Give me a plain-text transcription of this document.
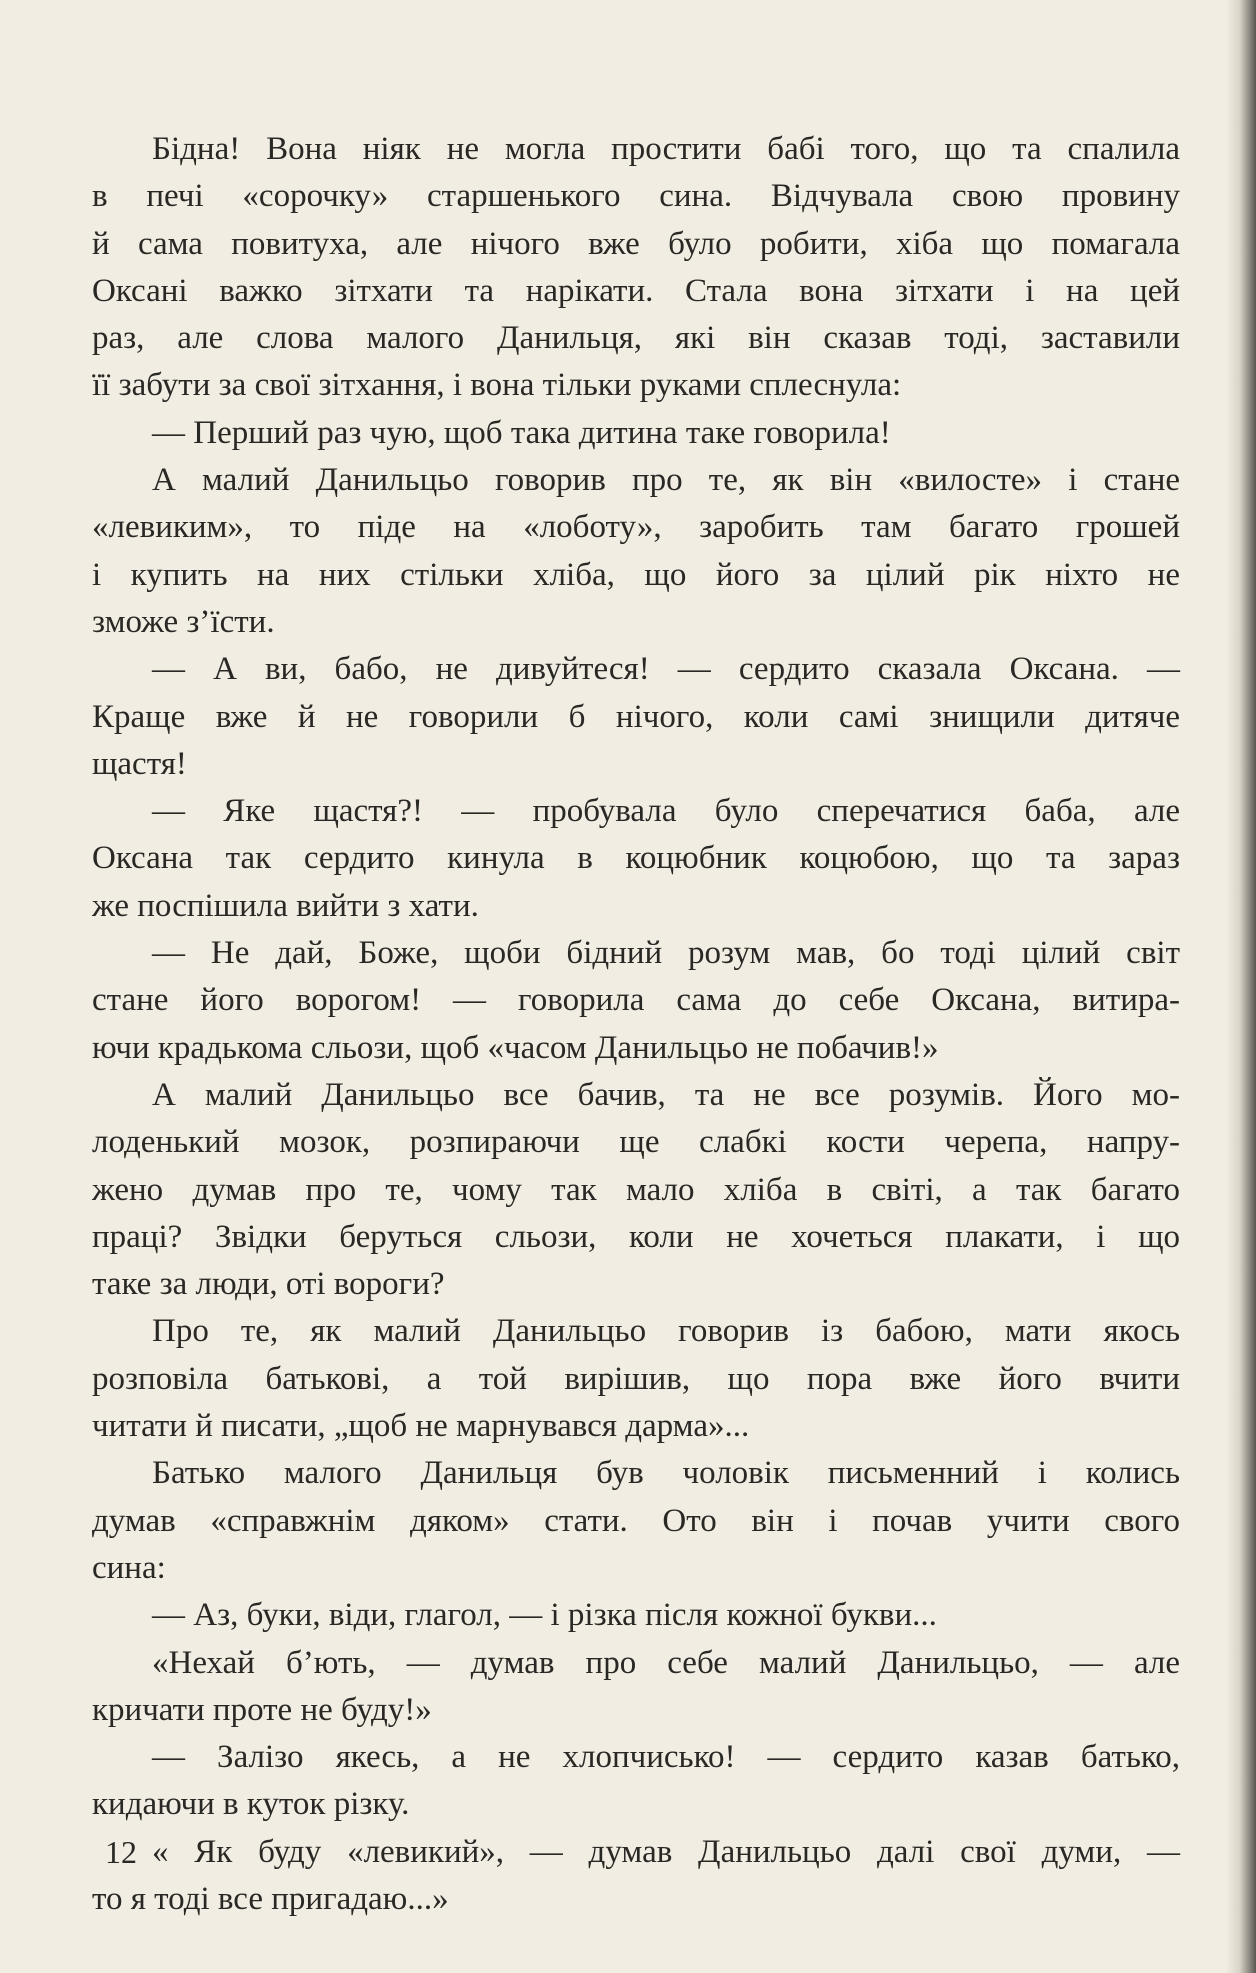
Бідна! Вона ніяк не могла простити бабі того, що та спалила
в печі «сорочку» старшенького сина. Відчувала свою провину
й сама повитуха, але нічого вже було робити, хіба що помагала
Оксані важко зітхати та нарікати. Стала вона зітхати і на цей
раз, але слова малого Данильця, які він сказав тоді, заставили
її забути за свої зітхання, і вона тільки руками сплеснула:
— Перший раз чую, щоб така дитина таке говорила!
А малий Данильцьо говорив про те, як він «вилосте» і стане
«левиким», то піде на «лоботу», заробить там багато грошей
і купить на них стільки хліба, що його за цілий рік ніхто не
зможе з’їсти.
— А ви, бабо, не дивуйтеся! — сердито сказала Оксана. —
Краще вже й не говорили б нічого, коли самі знищили дитяче
щастя!
— Яке щастя?! — пробувала було сперечатися баба, але
Оксана так сердито кинула в коцюбник коцюбою, що та зараз
же поспішила вийти з хати.
— Не дай, Боже, щоби бідний розум мав, бо тоді цілий світ
стане його ворогом! — говорила сама до себе Оксана, витира-
ючи крадькома сльози, щоб «часом Данильцьо не побачив!»
А малий Данильцьо все бачив, та не все розумів. Його мо-
лоденький мозок, розпираючи ще слабкі кости черепа, напру-
жено думав про те, чому так мало хліба в світі, а так багато
праці? Звідки беруться сльози, коли не хочеться плакати, і що
таке за люди, оті вороги?
Про те, як малий Данильцьо говорив із бабою, мати якось
розповіла батькові, а той вирішив, що пора вже його вчити
читати й писати, „щоб не марнувався дарма»...
Батько малого Данильця був чоловік письменний і колись
думав «справжнім дяком» стати. Ото він і почав учити свого
сина:
— Аз, буки, віди, глагол, — і різка після кожної букви...
«Нехай б’ють, — думав про себе малий Данильцьо, — але
кричати проте не буду!»
— Залізо якесь, а не хлопчисько! — сердито казав батько,
кидаючи в куток різку.
« Як буду «левикий», — думав Данильцьо далі свої думи, —
то я тоді все пригадаю...»
12
